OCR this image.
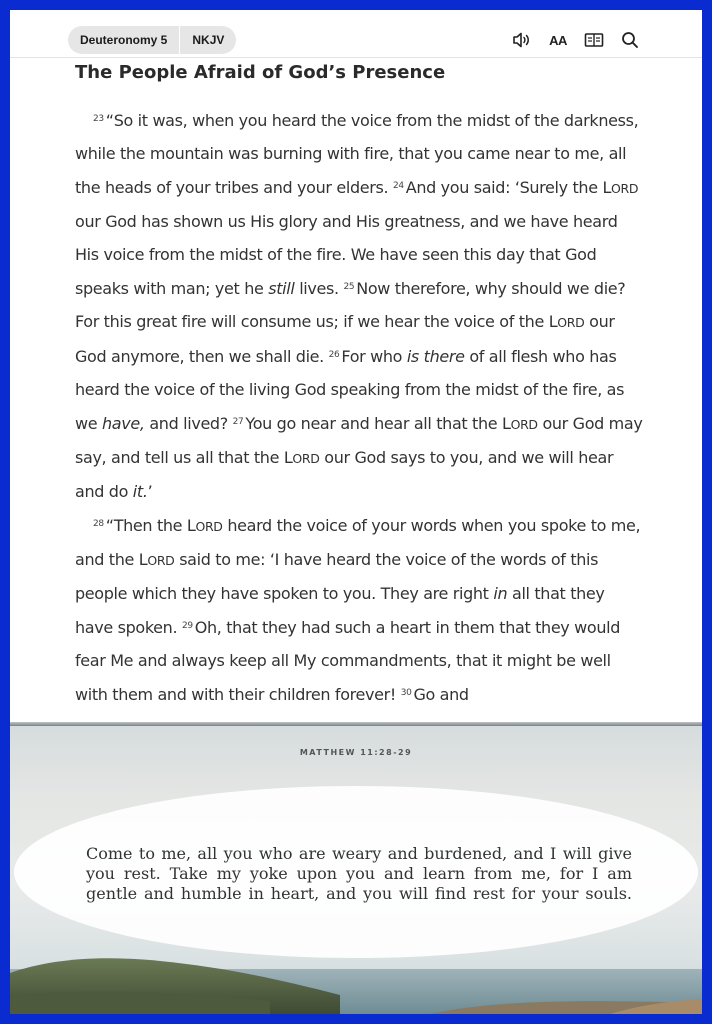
Deuteronomy 5	NKJV	AA
The People Afraid of God’s Presence
$^{23}$ “So it was, when you heard the voice from the midst of the darkness, while the mountain was burning with fire, that you came near to me, all the heads of your tribes and your elders. $^{24}$ And you said: ‘Surely the LORD our God has shown us His glory and His greatness, and we have heard His voice from the midst of the fire. We have seen this day that God speaks with man; yet he still lives. $^{25}$ Now therefore, why should we die? For this great fire will consume us; if we hear the voice of the LORD our God anymore, then we shall die. $^{26}$ For who is there of all flesh who has heard the voice of the living God speaking from the midst of the fire, as we have, and lived? $^{27}$ You go near and hear all that the LORD our God may say, and tell us all that the LORD our God says to you, and we will hear and do it.’
$^{28}$ “Then the LORD heard the voice of your words when you spoke to me, and the LORD said to me: ‘I have heard the voice of the words of this people which they have spoken to you. They are right in all that they have spoken. $^{29}$ Oh, that they had such a heart in them that they would fear Me and always keep all My commandments, that it might be well with them and with their children forever! $^{30}$ Go and
MATTHEW 11:28-29
Come to me, all you who are weary and burdened, and I will give you rest. Take my yoke upon you and learn from me, for I am gentle and humble in heart, and you will find rest for your souls.
